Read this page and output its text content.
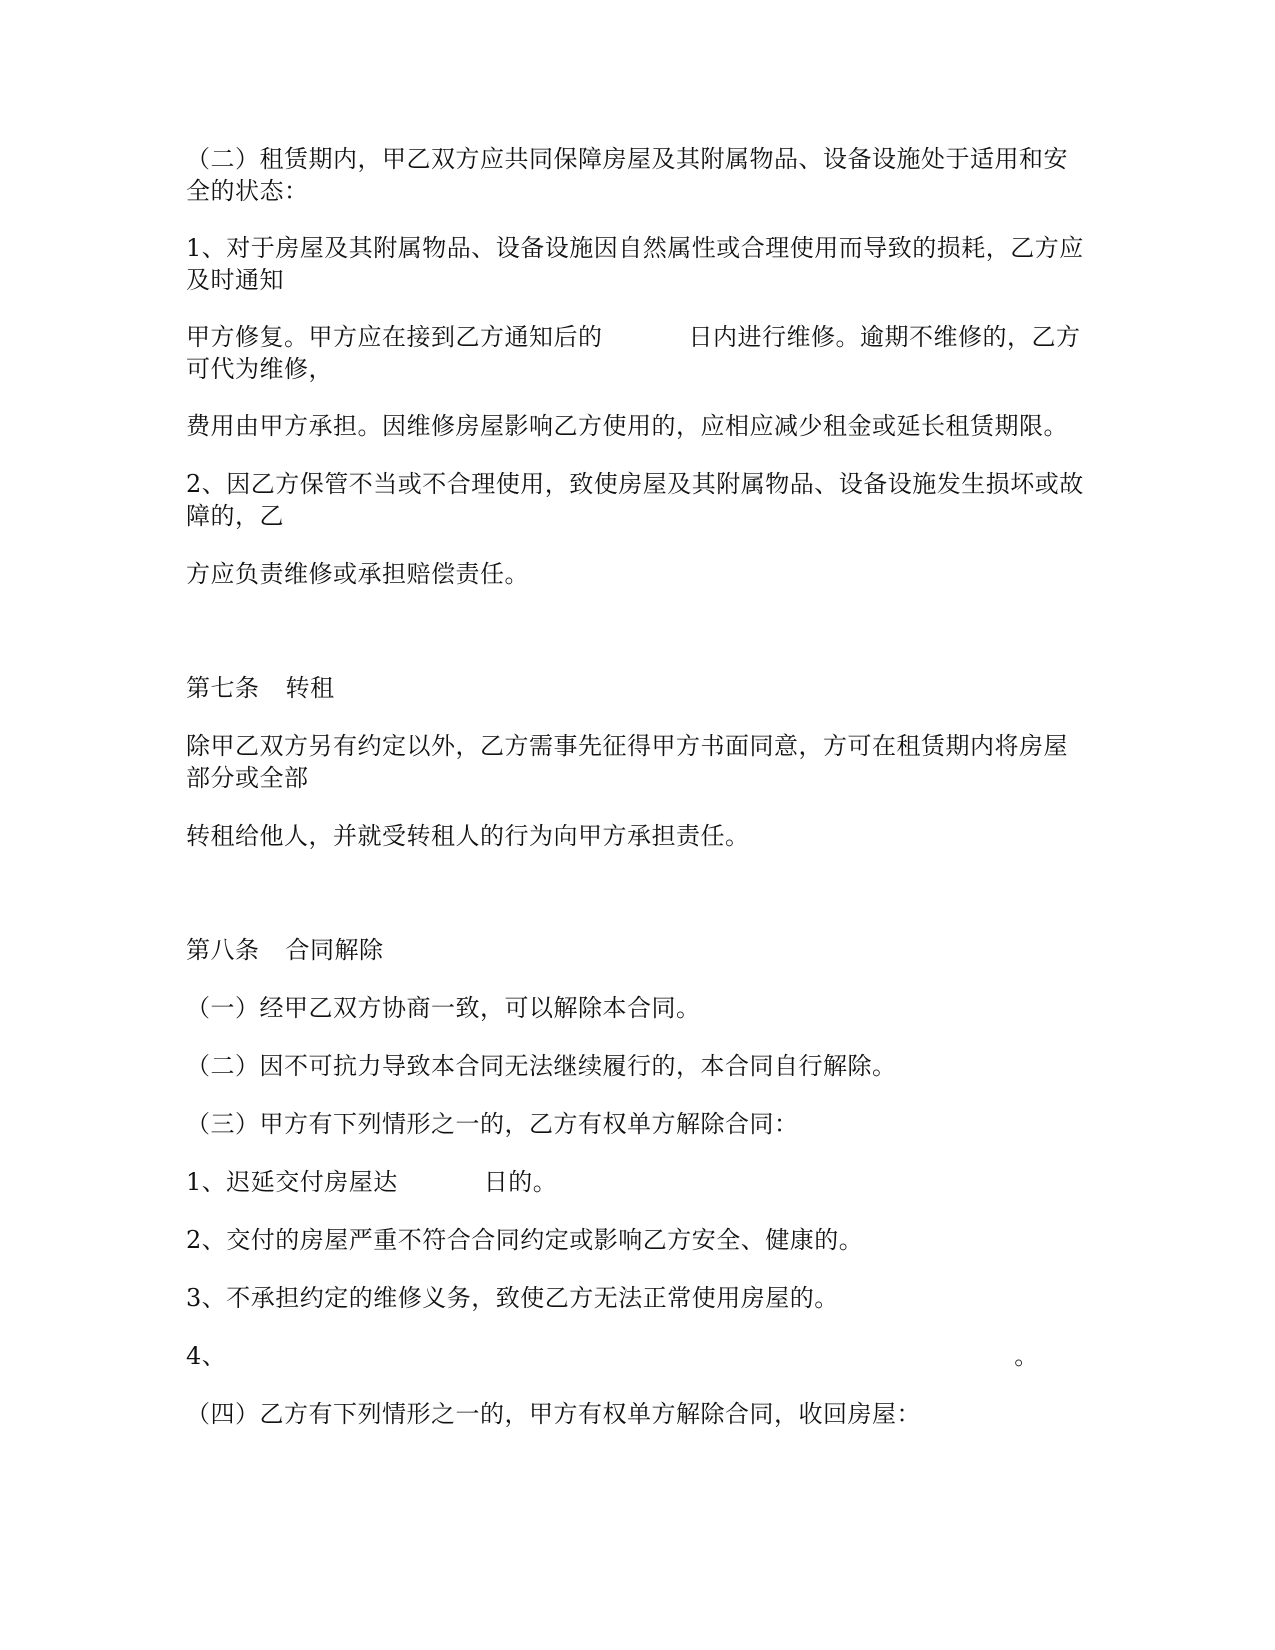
（二）租赁期内，甲乙双方应共同保障房屋及其附属物品、设备设施处于适用和安
全的状态：
1、对于房屋及其附属物品、设备设施因自然属性或合理使用而导致的损耗，乙方应
及时通知
甲方修复。甲方应在接到乙方通知后的	日内进行维修。逾期不维修的，乙方
可代为维修，
费用由甲方承担。因维修房屋影响乙方使用的，应相应减少租金或延长租赁期限。
2、因乙方保管不当或不合理使用，致使房屋及其附属物品、设备设施发生损坏或故
障的，乙
方应负责维修或承担赔偿责任。
第七条 转租
除甲乙双方另有约定以外，乙方需事先征得甲方书面同意，方可在租赁期内将房屋
部分或全部
转租给他人，并就受转租人的行为向甲方承担责任。
第八条 合同解除
（一）经甲乙双方协商一致，可以解除本合同。
（二）因不可抗力导致本合同无法继续履行的，本合同自行解除。
（三）甲方有下列情形之一的，乙方有权单方解除合同：
1、迟延交付房屋达	日的。
2、交付的房屋严重不符合合同约定或影响乙方安全、健康的。
3、不承担约定的维修义务，致使乙方无法正常使用房屋的。
4、	。
（四）乙方有下列情形之一的，甲方有权单方解除合同，收回房屋：
